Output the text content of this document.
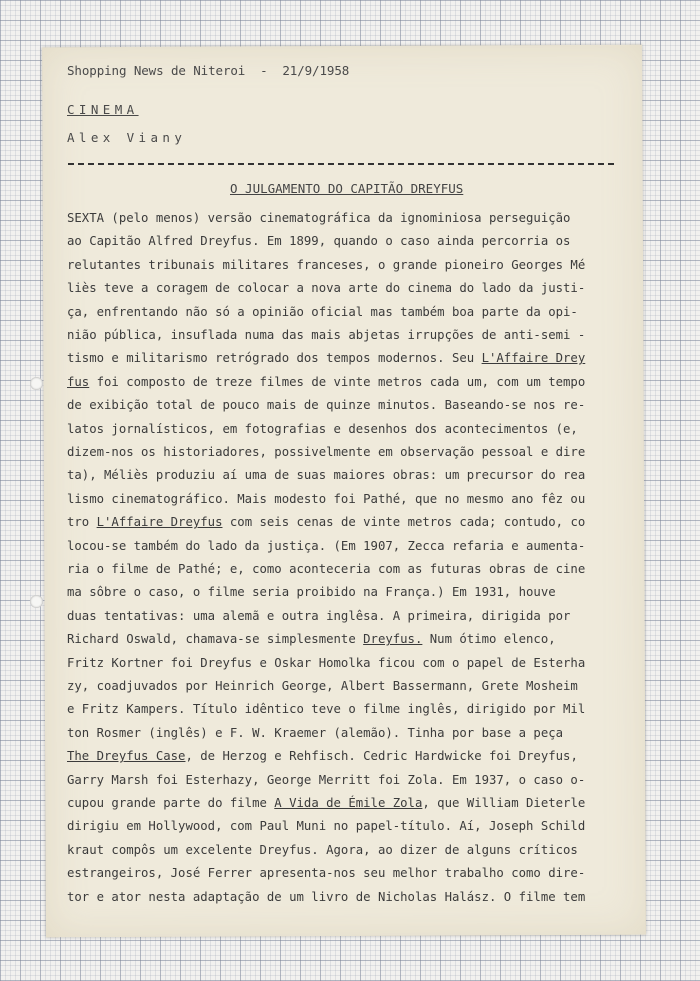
Shopping News de Niteroi  -  21/9/1958
CINEMA
Alex Viany
O JULGAMENTO DO CAPITÃO DREYFUS
SEXTA (pelo menos) versão cinematográfica da ignominiosa perseguição
ao Capitão Alfred Dreyfus. Em 1899, quando o caso ainda percorria os
relutantes tribunais militares franceses, o grande pioneiro Georges Mé
liès teve a coragem de colocar a nova arte do cinema do lado da justi-
ça, enfrentando não só a opinião oficial mas também boa parte da opi-
nião pública, insuflada numa das mais abjetas irrupções de anti-semi -
tismo e militarismo retrógrado dos tempos modernos. Seu L'Affaire Drey
fus foi composto de treze filmes de vinte metros cada um, com um tempo
de exibição total de pouco mais de quinze minutos. Baseando-se nos re-
latos jornalísticos, em fotografias e desenhos dos acontecimentos (e,
dizem-nos os historiadores, possivelmente em observação pessoal e dire
ta), Méliès produziu aí uma de suas maiores obras: um precursor do rea
lismo cinematográfico. Mais modesto foi Pathé, que no mesmo ano fêz ou
tro L'Affaire Dreyfus com seis cenas de vinte metros cada; contudo, co
locou-se também do lado da justiça. (Em 1907, Zecca refaria e aumenta-
ria o filme de Pathé; e, como aconteceria com as futuras obras de cine
ma sôbre o caso, o filme seria proibido na França.) Em 1931, houve
duas tentativas: uma alemã e outra inglêsa. A primeira, dirigida por
Richard Oswald, chamava-se simplesmente Dreyfus. Num ótimo elenco,
Fritz Kortner foi Dreyfus e Oskar Homolka ficou com o papel de Esterha
zy, coadjuvados por Heinrich George, Albert Bassermann, Grete Mosheim
e Fritz Kampers. Título idêntico teve o filme inglês, dirigido por Mil
ton Rosmer (inglês) e F. W. Kraemer (alemão). Tinha por base a peça
The Dreyfus Case, de Herzog e Rehfisch. Cedric Hardwicke foi Dreyfus,
Garry Marsh foi Esterhazy, George Merritt foi Zola. Em 1937, o caso o-
cupou grande parte do filme A Vida de Émile Zola, que William Dieterle
dirigiu em Hollywood, com Paul Muni no papel-título. Aí, Joseph Schild
kraut compôs um excelente Dreyfus. Agora, ao dizer de alguns críticos
estrangeiros, José Ferrer apresenta-nos seu melhor trabalho como dire-
tor e ator nesta adaptação de um livro de Nicholas Halász. O filme tem
